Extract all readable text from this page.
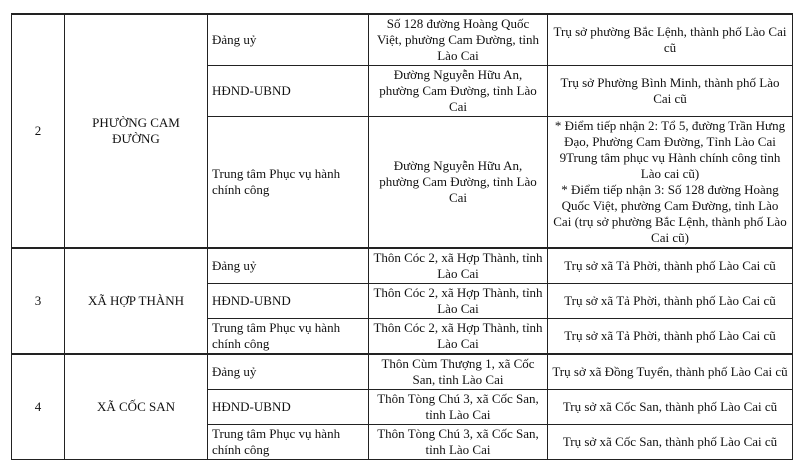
2	PHƯỜNG CAM ĐƯỜNG	Đảng uỷ	Số 128 đường Hoàng Quốc Việt, phường Cam Đường, tỉnh Lào Cai	Trụ sở phường Bắc Lệnh, thành phố Lào Cai cũ
		HĐND-UBND	Đường Nguyễn Hữu An, phường Cam Đường, tỉnh Lào Cai	Trụ sở Phường Bình Minh, thành phố Lào Cai cũ
		Trung tâm Phục vụ hành chính công	Đường Nguyễn Hữu An, phường Cam Đường, tỉnh Lào Cai	* Điểm tiếp nhận 2: Tổ 5, đường Trần Hưng Đạo, Phường Cam Đường, Tỉnh Lào Cai 9Trung tâm phục vụ Hành chính công tỉnh Lào cai cũ)
* Điểm tiếp nhận 3: Số 128 đường Hoàng Quốc Việt, phường Cam Đường, tỉnh Lào Cai (trụ sở phường Bắc Lệnh, thành phố Lào Cai cũ)

3	XÃ HỢP THÀNH	Đảng uỷ	Thôn Cóc 2, xã Hợp Thành, tỉnh Lào Cai	Trụ sở xã Tả Phời, thành phố Lào Cai cũ
		HĐND-UBND	Thôn Cóc 2, xã Hợp Thành, tỉnh Lào Cai	Trụ sở xã Tả Phời, thành phố Lào Cai cũ
		Trung tâm Phục vụ hành chính công	Thôn Cóc 2, xã Hợp Thành, tỉnh Lào Cai	Trụ sở xã Tả Phời, thành phố Lào Cai cũ
4	XÃ CỐC SAN	Đảng uỷ	Thôn Cùm Thượng 1, xã Cốc San, tỉnh Lào Cai	Trụ sở xã Đồng Tuyển, thành phố Lào Cai cũ
		HĐND-UBND	Thôn Tòng Chú 3, xã Cốc San, tỉnh Lào Cai	Trụ sở xã Cốc San, thành phố Lào Cai cũ
		Trung tâm Phục vụ hành chính công	Thôn Tòng Chú 3, xã Cốc San, tỉnh Lào Cai	Trụ sở xã Cốc San, thành phố Lào Cai cũ
